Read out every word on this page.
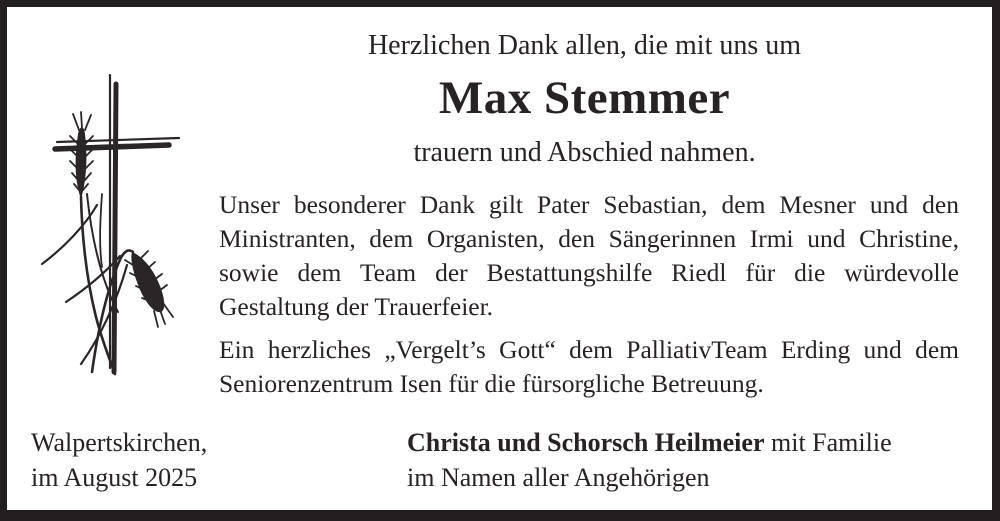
Herzlichen Dank allen, die mit uns um
Max Stemmer
trauern und Abschied nahmen.

Unser besonderer Dank gilt Pater Sebastian, dem Mesner und den Ministranten, dem Organisten, den Sängerinnen Irmi und Christine, sowie dem Team der Bestattungshilfe Riedl für die würdevolle Gestaltung der Trauerfeier.

Ein herzliches „Vergelt’s Gott“ dem PalliativTeam Erding und dem Seniorenzentrum Isen für die fürsorgliche Betreuung.

Walpertskirchen,
im August 2025
Christa und Schorsch Heilmeier mit Familie
im Namen aller Angehörigen
